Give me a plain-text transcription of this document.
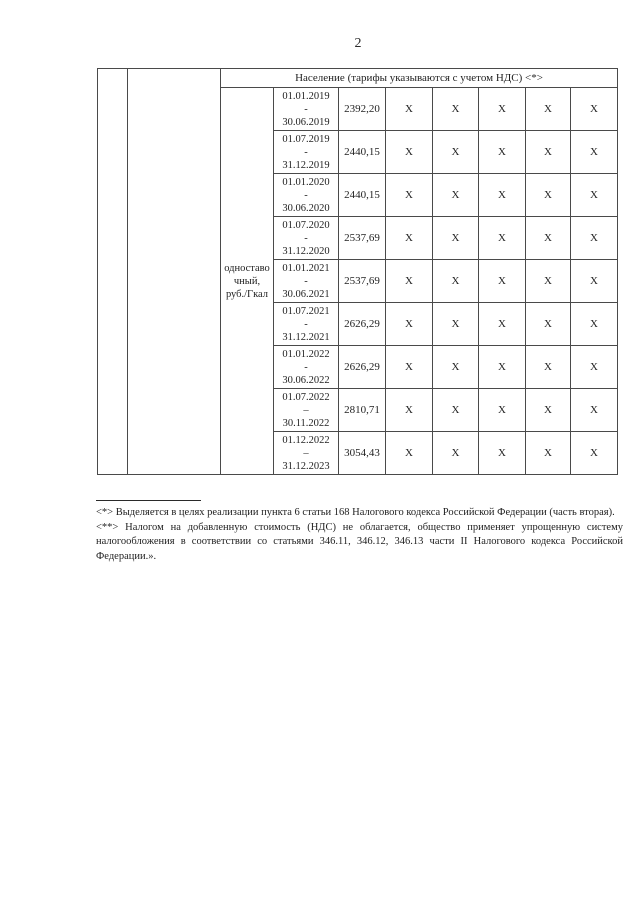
2
		Население (тарифы указываются с учетом НДС) <*>							

		одноставо
чный,
руб./Гкал	01.01.2019
-
30.06.2019	2392,20	X	X	X	X	X

			01.07.2019
-
31.12.2019	2440,15	X	X	X	X	X

			01.01.2020
-
30.06.2020	2440,15	X	X	X	X	X

			01.07.2020
-
31.12.2020	2537,69	X	X	X	X	X

			01.01.2021
-
30.06.2021	2537,69	X	X	X	X	X

			01.07.2021
-
31.12.2021	2626,29	X	X	X	X	X

			01.01.2022
-
30.06.2022	2626,29	X	X	X	X	X

			01.07.2022
–
30.11.2022	2810,71	X	X	X	X	X

			01.12.2022
–
31.12.2023	3054,43	X	X	X	X	X

<*> Выделяется в целях реализации пункта 6 статьи 168 Налогового кодекса Российской Федерации (часть вторая).

<**> Налогом на добавленную стоимость (НДС) не облагается, общество применяет упрощенную систему налогообложения в соответствии со статьями 346.11, 346.12, 346.13 части II Налогового кодекса Российской Федерации.».
